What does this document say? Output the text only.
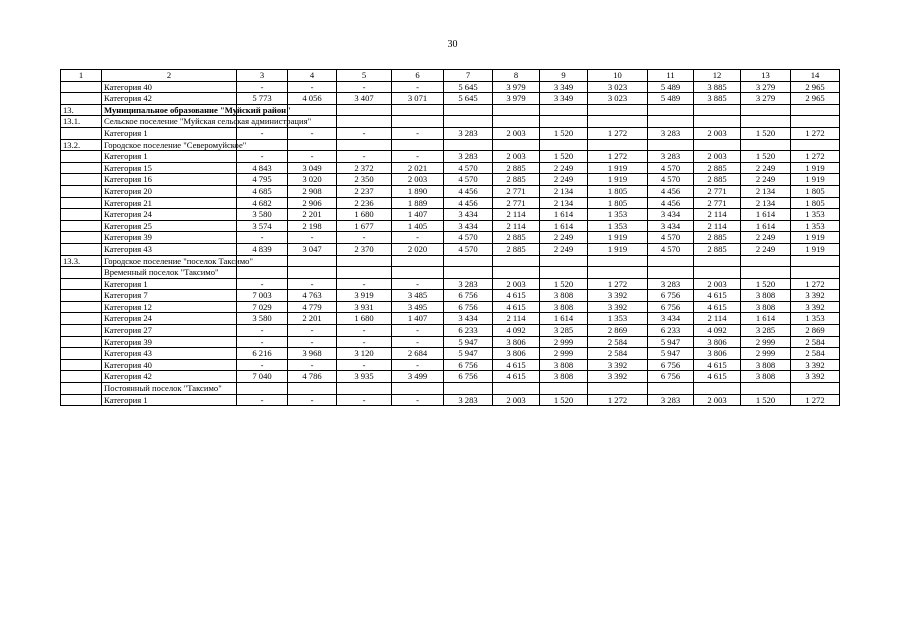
30
1	2	3	4	5	6	7	8	9	10	11	12	13	14
	Категория 40	-	-	-	-	5 645	3 979	3 349	3 023	5 489	3 885	3 279	2 965
	Категория 42	5 773	4 056	3 407	3 071	5 645	3 979	3 349	3 023	5 489	3 885	3 279	2 965
13.	Муниципальное образование "Муйский район"												
13.1.	Сельское поселение "Муйская сельская администрация"												
	Категория 1	-	-	-	-	3 283	2 003	1 520	1 272	3 283	2 003	1 520	1 272
13.2.	Городское поселение "Северомуйское"												
	Категория 1	-	-	-	-	3 283	2 003	1 520	1 272	3 283	2 003	1 520	1 272
	Категория 15	4 843	3 049	2 372	2 021	4 570	2 885	2 249	1 919	4 570	2 885	2 249	1 919
	Категория 16	4 795	3 020	2 350	2 003	4 570	2 885	2 249	1 919	4 570	2 885	2 249	1 919
	Категория 20	4 685	2 908	2 237	1 890	4 456	2 771	2 134	1 805	4 456	2 771	2 134	1 805
	Категория 21	4 682	2 906	2 236	1 889	4 456	2 771	2 134	1 805	4 456	2 771	2 134	1 805
	Категория 24	3 580	2 201	1 680	1 407	3 434	2 114	1 614	1 353	3 434	2 114	1 614	1 353
	Категория 25	3 574	2 198	1 677	1 405	3 434	2 114	1 614	1 353	3 434	2 114	1 614	1 353
	Категория 39	-	-	-	-	4 570	2 885	2 249	1 919	4 570	2 885	2 249	1 919
	Категория 43	4 839	3 047	2 370	2 020	4 570	2 885	2 249	1 919	4 570	2 885	2 249	1 919
13.3.	Городское поселение "поселок Таксимо"												
	Временный поселок "Таксимо"												
	Категория 1	-	-	-	-	3 283	2 003	1 520	1 272	3 283	2 003	1 520	1 272
	Категория 7	7 003	4 763	3 919	3 485	6 756	4 615	3 808	3 392	6 756	4 615	3 808	3 392
	Категория 12	7 029	4 779	3 931	3 495	6 756	4 615	3 808	3 392	6 756	4 615	3 808	3 392
	Категория 24	3 580	2 201	1 680	1 407	3 434	2 114	1 614	1 353	3 434	2 114	1 614	1 353
	Категория 27	-	-	-	-	6 233	4 092	3 285	2 869	6 233	4 092	3 285	2 869
	Категория 39	-	-	-	-	5 947	3 806	2 999	2 584	5 947	3 806	2 999	2 584
	Категория 43	6 216	3 968	3 120	2 684	5 947	3 806	2 999	2 584	5 947	3 806	2 999	2 584
	Категория 40	-	-	-	-	6 756	4 615	3 808	3 392	6 756	4 615	3 808	3 392
	Категория 42	7 040	4 786	3 935	3 499	6 756	4 615	3 808	3 392	6 756	4 615	3 808	3 392
	Постоянный поселок "Таксимо"												
	Категория 1	-	-	-	-	3 283	2 003	1 520	1 272	3 283	2 003	1 520	1 272
